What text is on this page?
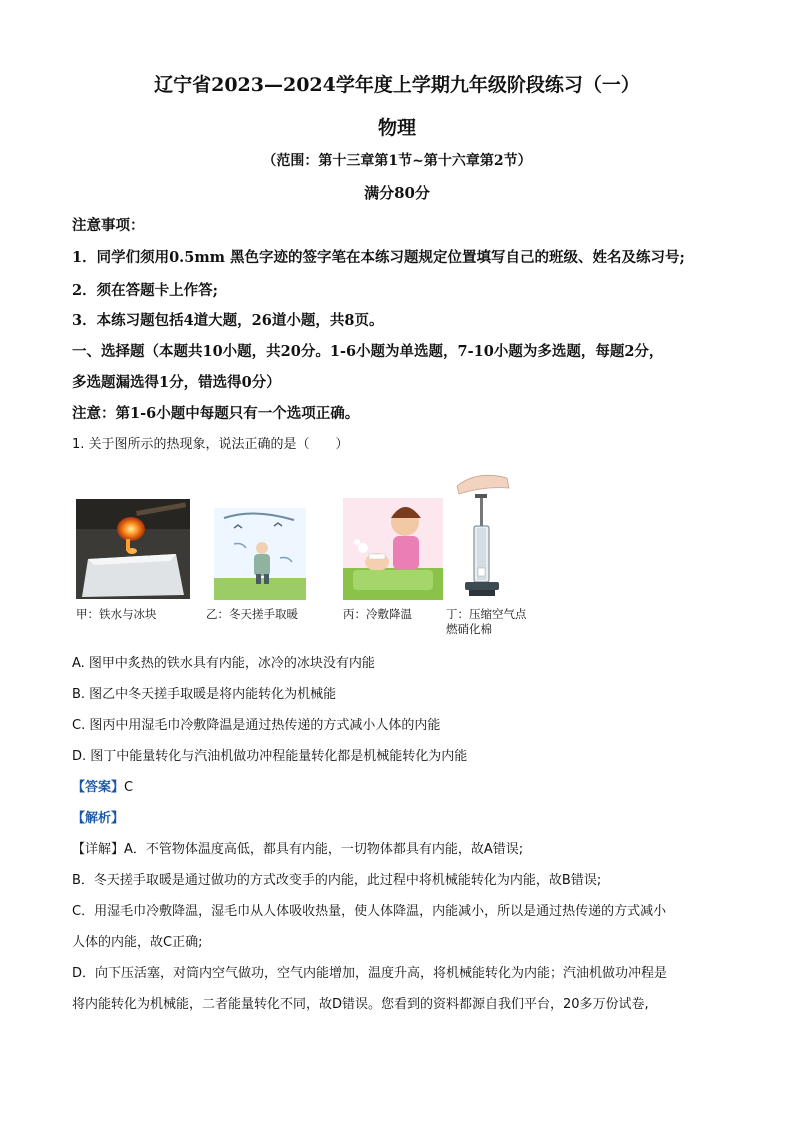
辽宁省2023—2024学年度上学期九年级阶段练习（一）
物理
（范围：第十三章第1节~第十六章第2节）
满分80分
注意事项：
1．同学们须用0.5mm 黑色字迹的签字笔在本练习题规定位置填写自己的班级、姓名及练习号;
2．须在答题卡上作答;
3．本练习题包括4道大题，26道小题，共8页。
一、选择题（本题共10小题，共20分。1-6小题为单选题，7-10小题为多选题，每题2分，
多选题漏选得1分，错选得0分）
注意：第1-6小题中每题只有一个选项正确。
1. 关于图所示的热现象，说法正确的是（　　）
甲：铁水与冰块	乙：冬天搓手取暖	丙：冷敷降温	丁：压缩空气点
燃硝化棉
A. 图甲中炙热的铁水具有内能，冰冷的冰块没有内能
B. 图乙中冬天搓手取暖是将内能转化为机械能
C. 图丙中用湿毛巾冷敷降温是通过热传递的方式减小人体的内能
D. 图丁中能量转化与汽油机做功冲程能量转化都是机械能转化为内能
【答案】C
【解析】
【详解】A．不管物体温度高低，都具有内能，一切物体都具有内能，故A错误;
B．冬天搓手取暖是通过做功的方式改变手的内能，此过程中将机械能转化为内能，故B错误;
C．用湿毛巾冷敷降温，湿毛巾从人体吸收热量，使人体降温，内能减小，所以是通过热传递的方式减小
人体的内能，故C正确;
D．向下压活塞，对筒内空气做功，空气内能增加，温度升高，将机械能转化为内能；汽油机做功冲程是
将内能转化为机械能，二者能量转化不同，故D错误。您看到的资料都源自我们平台，20多万份试卷,
